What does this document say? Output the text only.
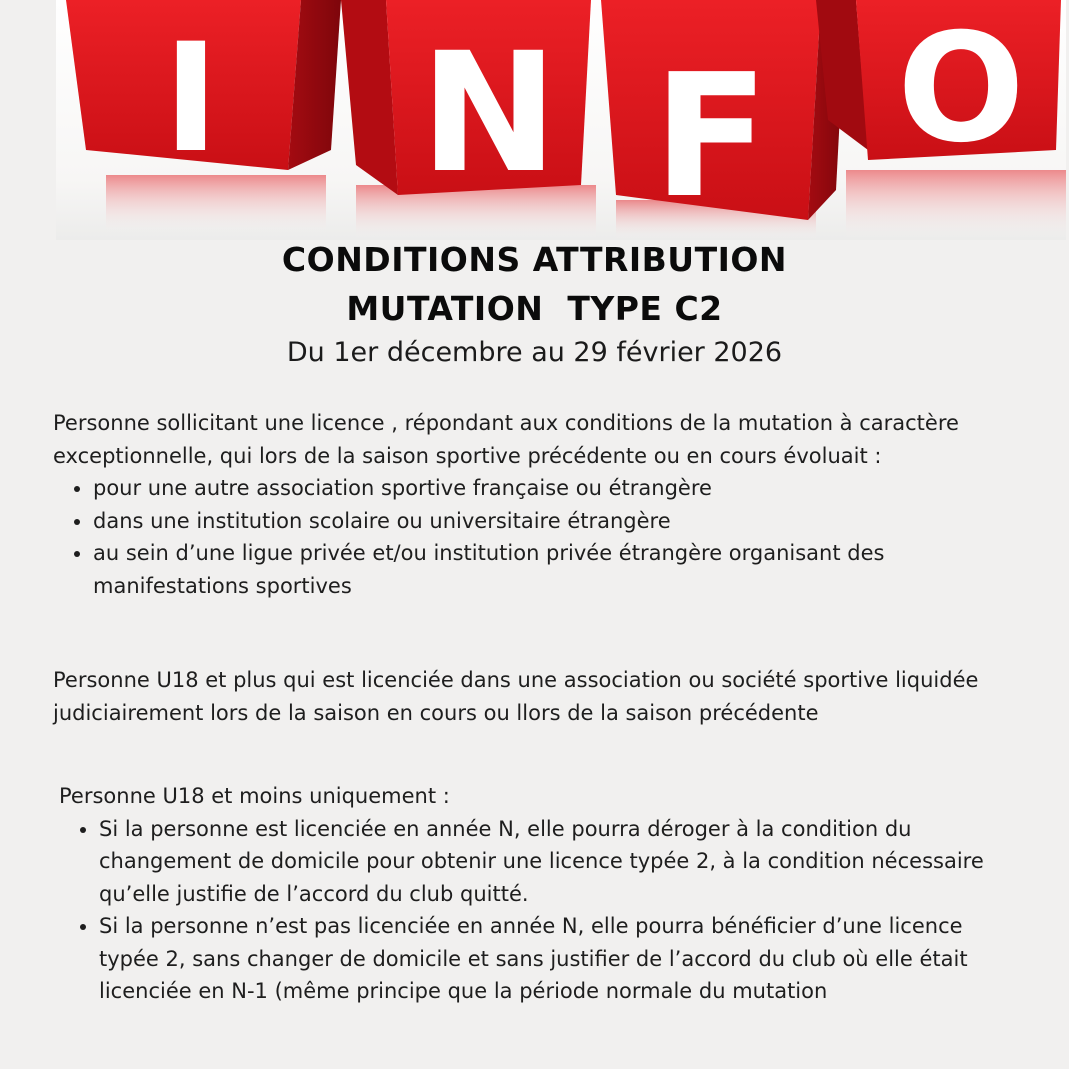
I N F O
CONDITIONS ATTRIBUTION
MUTATION  TYPE C2
Du 1er décembre au 29 février 2026

Personne sollicitant une licence , répondant aux conditions de la mutation à caractère exceptionnelle, qui lors de la saison sportive précédente ou en cours évoluait :

• pour une autre association sportive française ou étrangère
• dans une institution scolaire ou universitaire étrangère
• au sein d’une ligue privée et/ou institution privée étrangère organisant des manifestations sportives

Personne U18 et plus qui est licenciée dans une association ou société sportive liquidée judiciairement lors de la saison en cours ou llors de la saison précédente

Personne U18 et moins uniquement :

• Si la personne est licenciée en année N, elle pourra déroger à la condition du changement de domicile pour obtenir une licence typée 2, à la condition nécessaire qu’elle justifie de l’accord du club quitté.
• Si la personne n’est pas licenciée en année N, elle pourra bénéficier d’une licence typée 2, sans changer de domicile et sans justifier de l’accord du club où elle était licenciée en N-1 (même principe que la période normale du mutation
